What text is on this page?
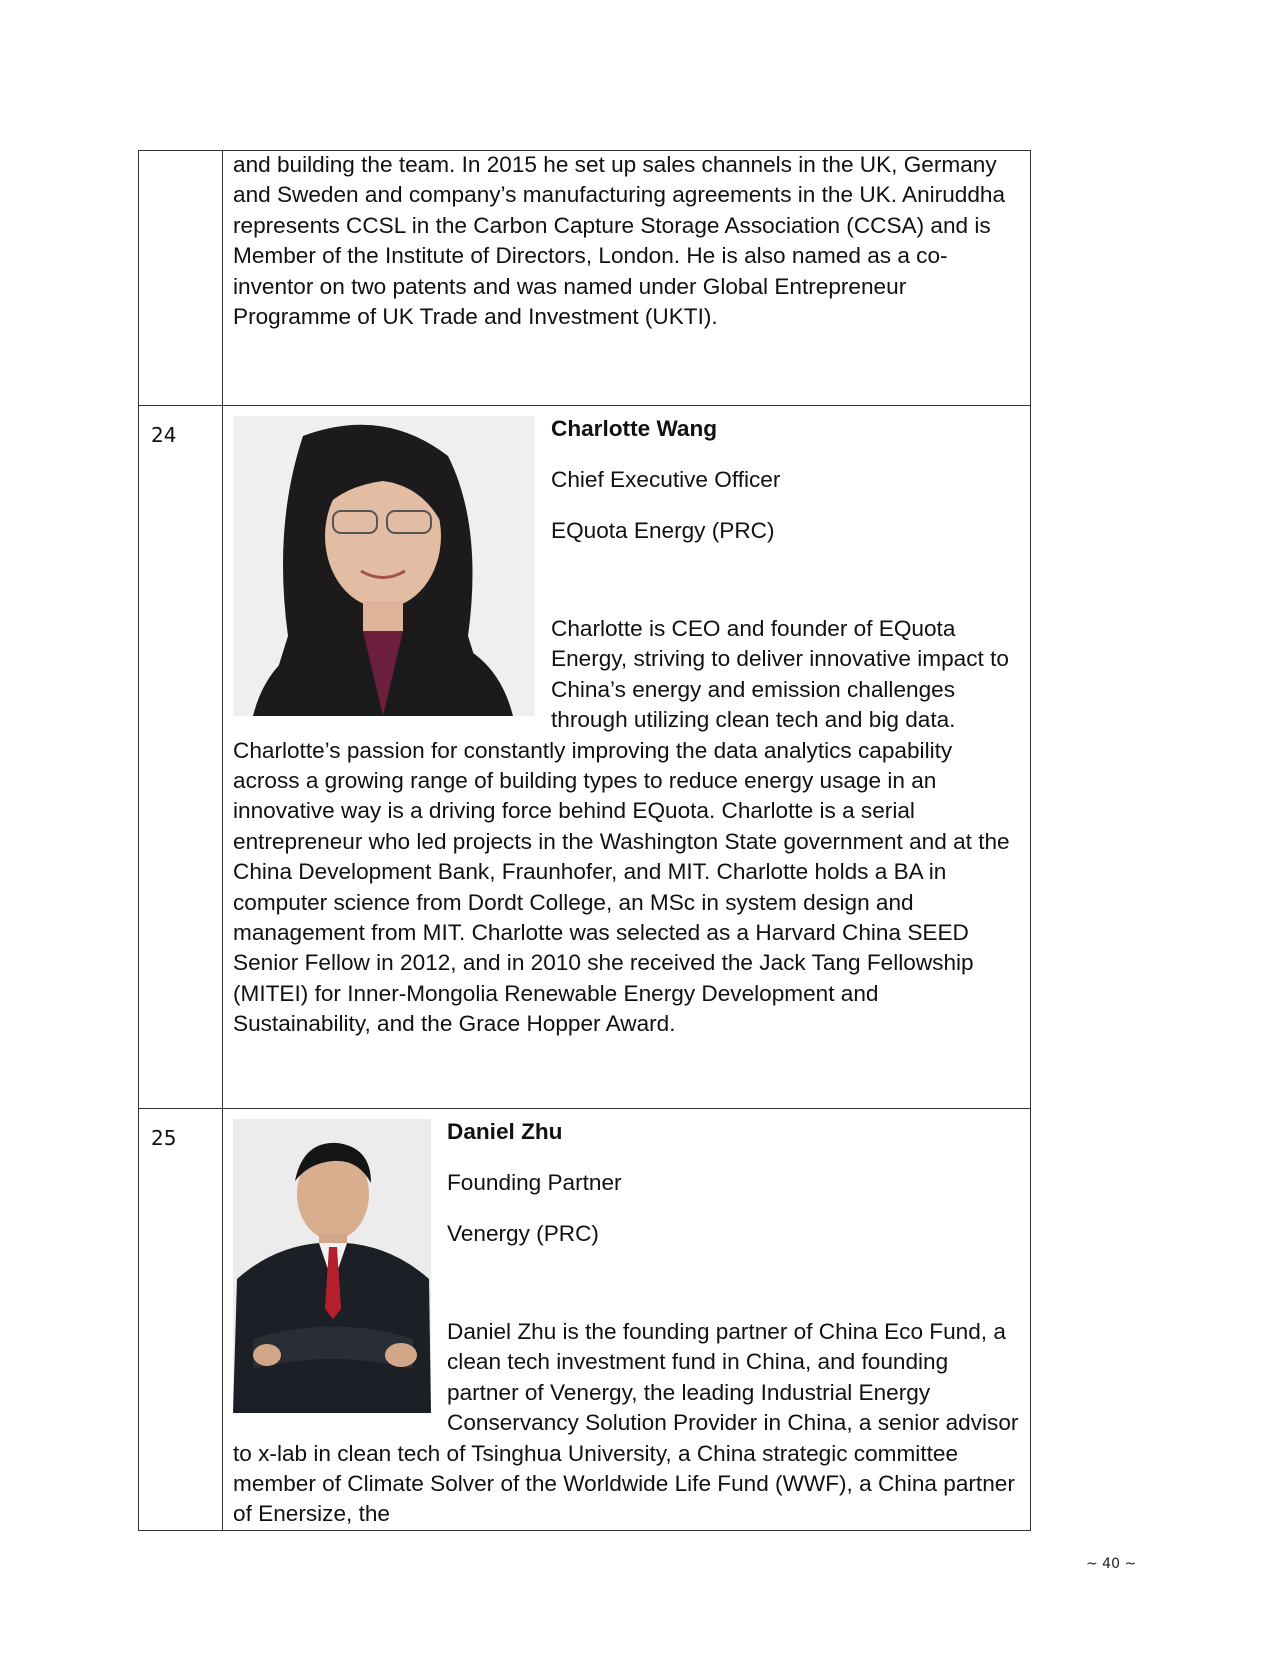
	and building the team. In 2015 he set up sales channels in the UK, Germany and Sweden and company’s manufacturing agreements in the UK. Aniruddha represents CCSL in the Carbon Capture Storage Association (CCSA) and is Member of the Institute of Directors, London. He is also named as a co-inventor on two patents and was named under Global Entrepreneur Programme of UK Trade and Investment (UKTI).

24	Charlotte Wang
Chief Executive Officer
EQuota Energy (PRC)
Charlotte is CEO and founder of EQuota Energy, striving to deliver innovative impact to China’s energy and emission challenges through utilizing clean tech and big data. Charlotte’s passion for constantly improving the data analytics capability across a growing range of building types to reduce energy usage in an innovative way is a driving force behind EQuota. Charlotte is a serial entrepreneur who led projects in the Washington State government and at the China Development Bank, Fraunhofer, and MIT. Charlotte holds a BA in computer science from Dordt College, an MSc in system design and management from MIT. Charlotte was selected as a Harvard China SEED Senior Fellow in 2012, and in 2010 she received the Jack Tang Fellowship (MITEI) for Inner-Mongolia Renewable Energy Development and Sustainability, and the Grace Hopper Award.

25	Daniel Zhu
Founding Partner
Venergy (PRC)
Daniel Zhu is the founding partner of China Eco Fund, a clean tech investment fund in China, and founding partner of Venergy, the leading Industrial Energy Conservancy Solution Provider in China, a senior advisor to x-lab in clean tech of Tsinghua University, a China strategic committee member of Climate Solver of the Worldwide Life Fund (WWF), a China partner of Enersize, the
~ 40 ~
